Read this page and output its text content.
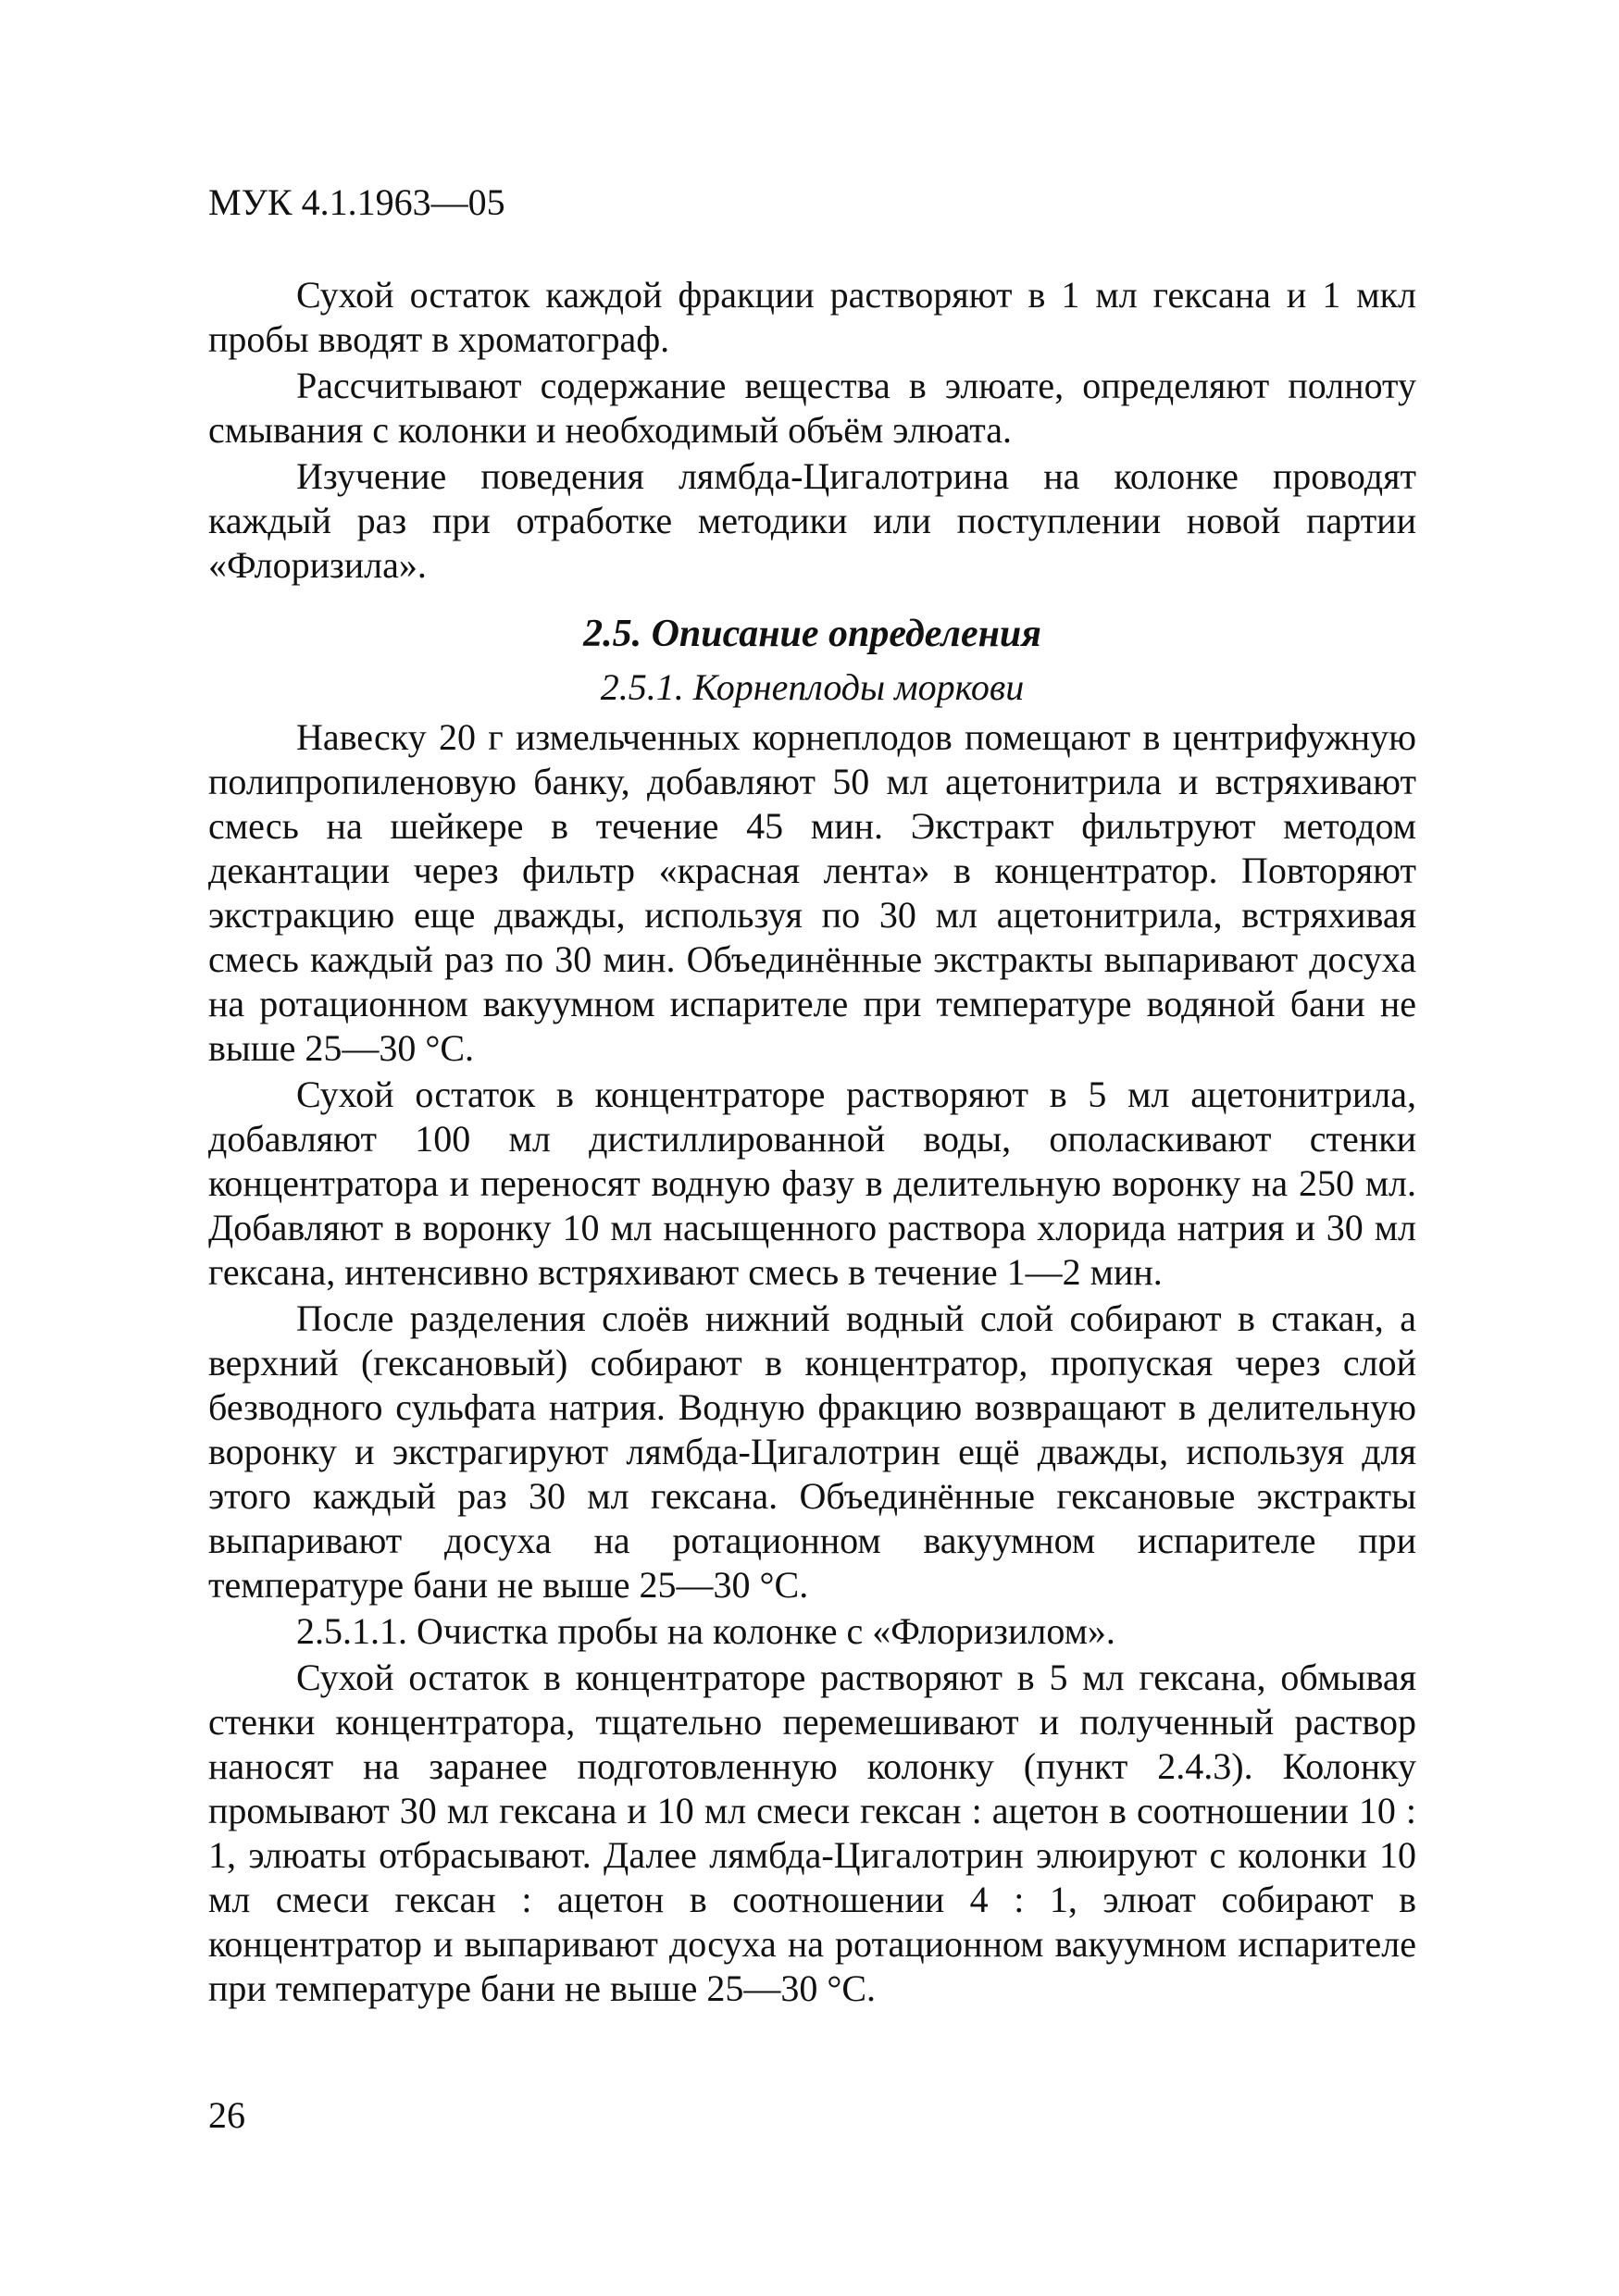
МУК 4.1.1963—05

Сухой остаток каждой фракции растворяют в 1 мл гексана и 1 мкл пробы вводят в хроматограф.

Рассчитывают содержание вещества в элюате, определяют полноту смывания с колонки и необходимый объём элюата.

Изучение поведения лямбда-Цигалотрина на колонке проводят каждый раз при отработке методики или поступлении новой партии «Флоризила».

2.5. Описание определения
2.5.1. Корнеплоды моркови

Навеску 20 г измельченных корнеплодов помещают в центрифужную полипропиленовую банку, добавляют 50 мл ацетонитрила и встряхивают смесь на шейкере в течение 45 мин. Экстракт фильтруют методом декантации через фильтр «красная лента» в концентратор. Повторяют экстракцию еще дважды, используя по 30 мл ацетонитрила, встряхивая смесь каждый раз по 30 мин. Объединённые экстракты выпаривают досуха на ротационном вакуумном испарителе при температуре водяной бани не выше 25—30 °С.

Сухой остаток в концентраторе растворяют в 5 мл ацетонитрила, добавляют 100 мл дистиллированной воды, ополаскивают стенки концентратора и переносят водную фазу в делительную воронку на 250 мл. Добавляют в воронку 10 мл насыщенного раствора хлорида натрия и 30 мл гексана, интенсивно встряхивают смесь в течение 1—2 мин.

После разделения слоёв нижний водный слой собирают в стакан, а верхний (гексановый) собирают в концентратор, пропуская через слой безводного сульфата натрия. Водную фракцию возвращают в делительную воронку и экстрагируют лямбда-Цигалотрин ещё дважды, используя для этого каждый раз 30 мл гексана. Объединённые гексановые экстракты выпаривают досуха на ротационном вакуумном испарителе при температуре бани не выше 25—30 °С.

2.5.1.1. Очистка пробы на колонке с «Флоризилом».

Сухой остаток в концентраторе растворяют в 5 мл гексана, обмывая стенки концентратора, тщательно перемешивают и полученный раствор наносят на заранее подготовленную колонку (пункт 2.4.3). Колонку промывают 30 мл гексана и 10 мл смеси гексан : ацетон в соотношении 10 : 1, элюаты отбрасывают. Далее лямбда-Цигалотрин элюируют с колонки 10 мл смеси гексан : ацетон в соотношении 4 : 1, элюат собирают в концентратор и выпаривают досуха на ротационном вакуумном испарителе при температуре бани не выше 25—30 °С.

26
